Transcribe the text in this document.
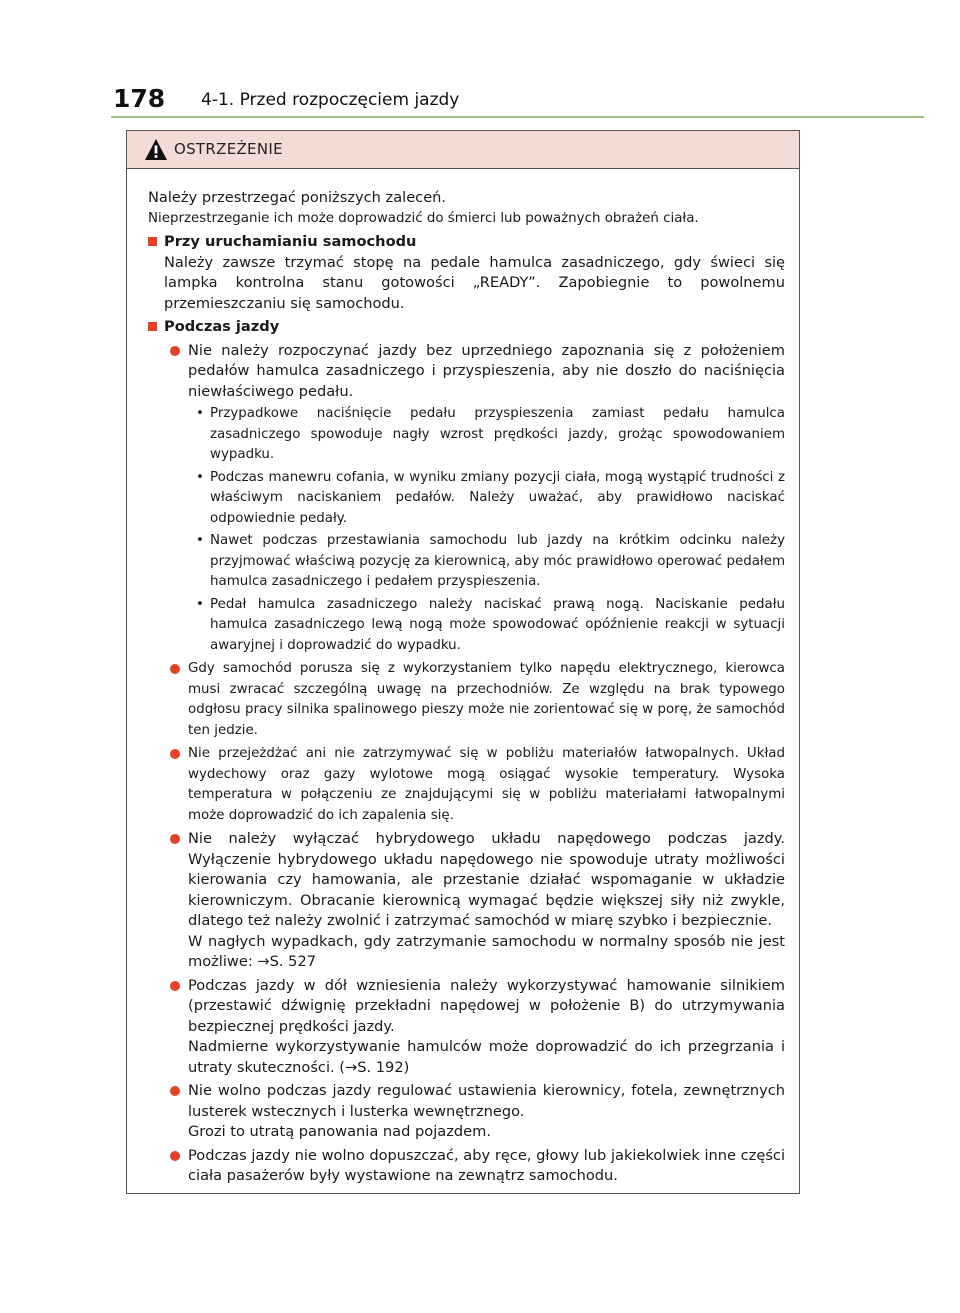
178 4-1. Przed rozpoczęciem jazdy
OSTRZEŻENIE

Należy przestrzegać poniższych zaleceń.

Nieprzestrzeganie ich może doprowadzić do śmierci lub poważnych obrażeń ciała.

Przy uruchamianiu samochodu

Należy zawsze trzymać stopę na pedale hamulca zasadniczego, gdy świeci się lampka kontrolna stanu gotowości „READY”. Zapobiegnie to powolnemu przemieszczaniu się samochodu.

Podczas jazdy
Nie należy rozpoczynać jazdy bez uprzedniego zapoznania się z położeniem pedałów hamulca zasadniczego i przyspieszenia, aby nie doszło do naciśnięcia niewłaściwego pedału.
• Przypadkowe naciśnięcie pedału przyspieszenia zamiast pedału hamulca zasadniczego spowoduje nagły wzrost prędkości jazdy, grożąc spowodowaniem wypadku.
• Podczas manewru cofania, w wyniku zmiany pozycji ciała, mogą wystąpić trudności z właściwym naciskaniem pedałów. Należy uważać, aby prawidłowo naciskać odpowiednie pedały.
• Nawet podczas przestawiania samochodu lub jazdy na krótkim odcinku należy przyjmować właściwą pozycję za kierownicą, aby móc prawidłowo operować pedałem hamulca zasadniczego i pedałem przyspieszenia.
• Pedał hamulca zasadniczego należy naciskać prawą nogą. Naciskanie pedału hamulca zasadniczego lewą nogą może spowodować opóźnienie reakcji w sytuacji awaryjnej i doprowadzić do wypadku.
Gdy samochód porusza się z wykorzystaniem tylko napędu elektrycznego, kierowca musi zwracać szczególną uwagę na przechodniów. Ze względu na brak typowego odgłosu pracy silnika spalinowego pieszy może nie zorientować się w porę, że samochód ten jedzie.
Nie przejeżdżać ani nie zatrzymywać się w pobliżu materiałów łatwopalnych. Układ wydechowy oraz gazy wylotowe mogą osiągać wysokie temperatury. Wysoka temperatura w połączeniu ze znajdującymi się w pobliżu materiałami łatwopalnymi może doprowadzić do ich zapalenia się.
Nie należy wyłączać hybrydowego układu napędowego podczas jazdy. Wyłączenie hybrydowego układu napędowego nie spowoduje utraty możliwości kierowania czy hamowania, ale przestanie działać wspomaganie w układzie kierowniczym. Obracanie kierownicą wymagać będzie większej siły niż zwykle, dlatego też należy zwolnić i zatrzymać samochód w miarę szybko i bezpiecznie.
W nagłych wypadkach, gdy zatrzymanie samochodu w normalny sposób nie jest możliwe: →S. 527
Podczas jazdy w dół wzniesienia należy wykorzystywać hamowanie silnikiem (przestawić dźwignię przekładni napędowej w położenie B) do utrzymywania bezpiecznej prędkości jazdy.
Nadmierne wykorzystywanie hamulców może doprowadzić do ich przegrzania i utraty skuteczności. (→S. 192)
Nie wolno podczas jazdy regulować ustawienia kierownicy, fotela, zewnętrznych lusterek wstecznych i lusterka wewnętrznego.
Grozi to utratą panowania nad pojazdem.
Podczas jazdy nie wolno dopuszczać, aby ręce, głowy lub jakiekolwiek inne części ciała pasażerów były wystawione na zewnątrz samochodu.
